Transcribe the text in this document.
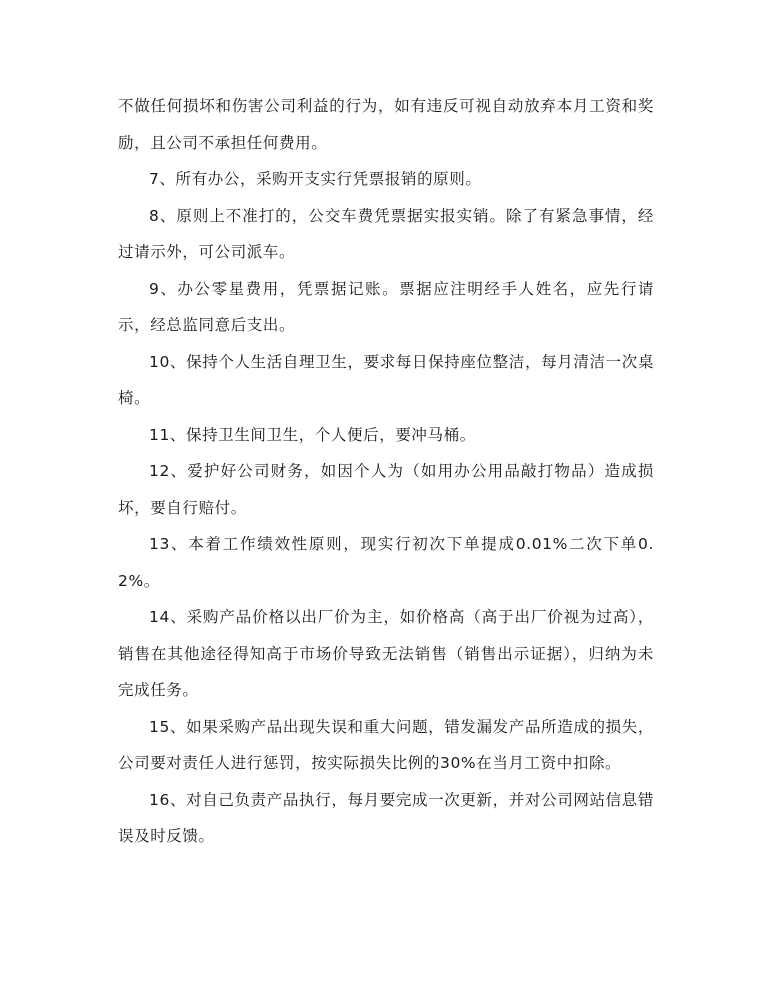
不做任何损坏和伤害公司利益的行为，如有违反可视自动放弃本月工资和奖励，且公司不承担任何费用。

7、所有办公，采购开支实行凭票报销的原则。

8、原则上不准打的，公交车费凭票据实报实销。除了有紧急事情，经过请示外，可公司派车。

9、办公零星费用，凭票据记账。票据应注明经手人姓名，应先行请示，经总监同意后支出。

10、保持个人生活自理卫生，要求每日保持座位整洁，每月清洁一次桌椅。

11、保持卫生间卫生，个人便后，要冲马桶。

12、爱护好公司财务，如因个人为（如用办公用品敲打物品）造成损坏，要自行赔付。

13、本着工作绩效性原则，现实行初次下单提成0.01%二次下单0.2%。

14、采购产品价格以出厂价为主，如价格高（高于出厂价视为过高），销售在其他途径得知高于市场价导致无法销售（销售出示证据），归纳为未完成任务。

15、如果采购产品出现失误和重大问题，错发漏发产品所造成的损失，公司要对责任人进行惩罚，按实际损失比例的30%在当月工资中扣除。

16、对自己负责产品执行，每月要完成一次更新，并对公司网站信息错误及时反馈。
